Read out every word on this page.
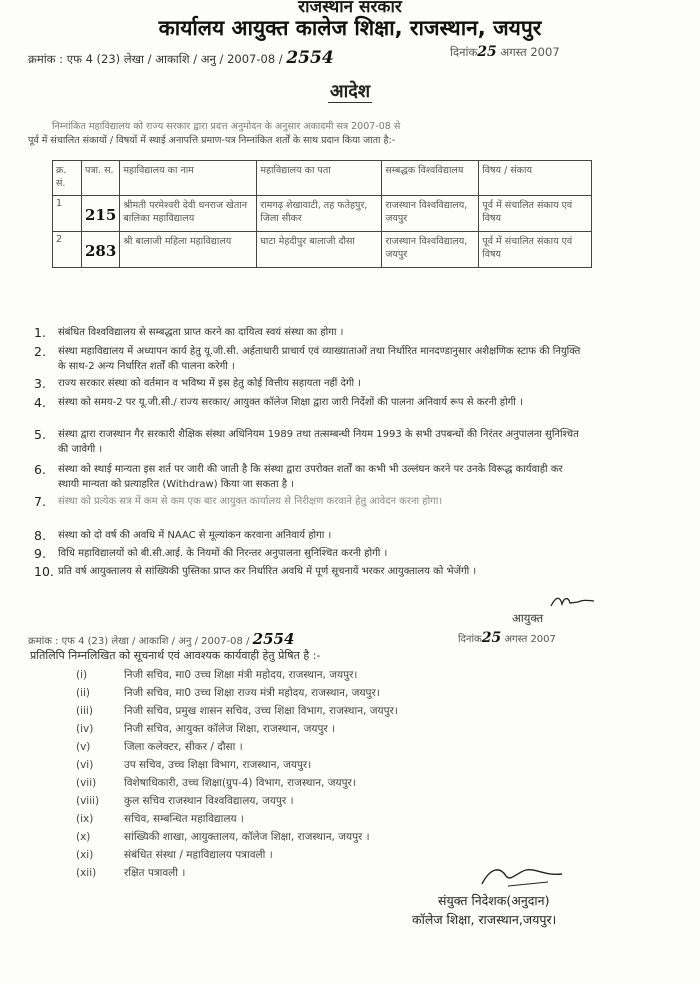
राजस्थान सरकार
कार्यालय आयुक्त कालेज शिक्षा, राजस्थान, जयपुर
क्रमांक : एफ 4 (23) लेखा / आकाशि / अनु / 2007-08 / 2554	दिनांक25 अगस्त 2007
आदेश
निम्नांकित महाविद्यालय को राज्य सरकार द्वारा प्रदत्त अनुमोदन के अनुसार अकादमी सत्र 2007-08 से
पूर्व में संचालित संकायों / विषयों में स्थाई अनापत्ति प्रमाण-पत्र निम्नांकित शर्तों के साथ प्रदान किया जाता है:-
क्र. सं.	पत्रा. स.	महाविद्यालय का नाम	महाविद्यालय का पता	सम्बद्धक विश्वविद्यालय	विषय / संकाय
1	215	श्रीमती परमेश्वरी देवी धनराज खेतान बालिका महाविद्यालय	रामगढ़ शेखावाटी, तह फतेहपुर, जिला सीकर	राजस्थान विश्वविद्यालय, जयपुर	पूर्व में संचालित संकाय एवं विषय
2	283	श्री बालाजी महिला महाविद्यालय	घाटा मेहदीपुर बालाजी दौसा	राजस्थान विश्वविद्यालय, जयपुर	पूर्व में संचालित संकाय एवं विषय
1. संबंधित विश्वविद्यालय से सम्बद्धता प्राप्त करने का दायित्व स्वयं संस्था का होगा ।
2. संस्था महाविद्यालय में अध्यापन कार्य हेतु यू.जी.सी. अर्हताधारी प्राचार्य एवं व्याख्याताओं तथा निर्धारित मानदण्डानुसार अशैक्षणिक स्टाफ की नियुक्ति के साथ-2 अन्य निर्धारित शर्तों की पालना करेगी ।
3. राज्य सरकार संस्था को वर्तमान व भविष्य में इस हेतु कोई वित्तीय सहायता नहीं देगी ।
4. संस्था को समय-2 पर यू.जी.सी./ राज्य सरकार/ आयुक्त कॉलेज शिक्षा द्वारा जारी निर्देशों की पालना अनिवार्य रूप से करनी होगी ।
5. संस्था द्वारा राजस्थान गैर सरकारी शैक्षिक संस्था अधिनियम 1989 तथा तत्सम्बन्धी नियम 1993 के सभी उपबन्धों की निरंतर अनुपालना सुनिश्चित की जावेगी ।
6. संस्था को स्थाई मान्यता इस शर्त पर जारी की जाती है कि संस्था द्वारा उपरोक्त शर्तों का कभी भी उल्लंघन करने पर उनके विरूद्ध कार्यवाही कर स्थायी मान्यता को प्रत्याहरित (Withdraw) किया जा सकता है ।
7. संस्था को प्रत्येक सत्र में कम से कम एक बार आयुक्त कार्यालय से निरीक्षण करवाने हेतु आवेदन करना होगा।
8. संस्था को दो वर्ष की अवधि में NAAC से मूल्यांकन करवाना अनिवार्य होगा ।
9. विधि महाविद्यालयों को बी.सी.आई. के नियमों की निरन्तर अनुपालना सुनिश्चित करनी होगी ।
10. प्रति वर्ष आयुक्तालय से सांख्यिकी पुस्तिका प्राप्त कर निर्धारित अवधि में पूर्ण सूचनायें भरकर आयुक्तालय को भेजेंगी ।
आयुक्त
क्रमांक : एफ 4 (23) लेखा / आकाशि / अनु / 2007-08 / 2554	दिनांक25 अगस्त 2007
प्रतिलिपि निम्नलिखित को सूचनार्थ एवं आवश्यक कार्यवाही हेतु प्रेषित है :-
(i)	निजी सचिव, मा0 उच्च शिक्षा मंत्री महोदय, राजस्थान, जयपुर।
(ii)	निजी सचिव, मा0 उच्च शिक्षा राज्य मंत्री महोदय, राजस्थान, जयपुर।
(iii)	निजी सचिव, प्रमुख शासन सचिव, उच्च शिक्षा विभाग, राजस्थान, जयपुर।
(iv)	निजी सचिव, आयुक्त कॉलेज शिक्षा, राजस्थान, जयपुर ।
(v)	जिला कलेक्टर, सीकर / दौसा ।
(vi)	उप सचिव, उच्च शिक्षा विभाग, राजस्थान, जयपुर।
(vii)	विशेषाधिकारी, उच्च शिक्षा(ग्रुप-4) विभाग, राजस्थान, जयपुर।
(viii) कुल सचिव राजस्थान विश्वविद्यालय, जयपुर ।
(ix)	सचिव, सम्बन्धित महाविद्यालय ।
(x)	सांख्यिकी शाखा, आयुक्तालय, कॉलेज शिक्षा, राजस्थान, जयपुर ।
(xi)	संबंधित संस्था / महाविद्यालय पत्रावली ।
(xii)	रक्षित पत्रावली ।
संयुक्त निदेशक(अनुदान)
कॉलेज शिक्षा, राजस्थान,जयपुर।
